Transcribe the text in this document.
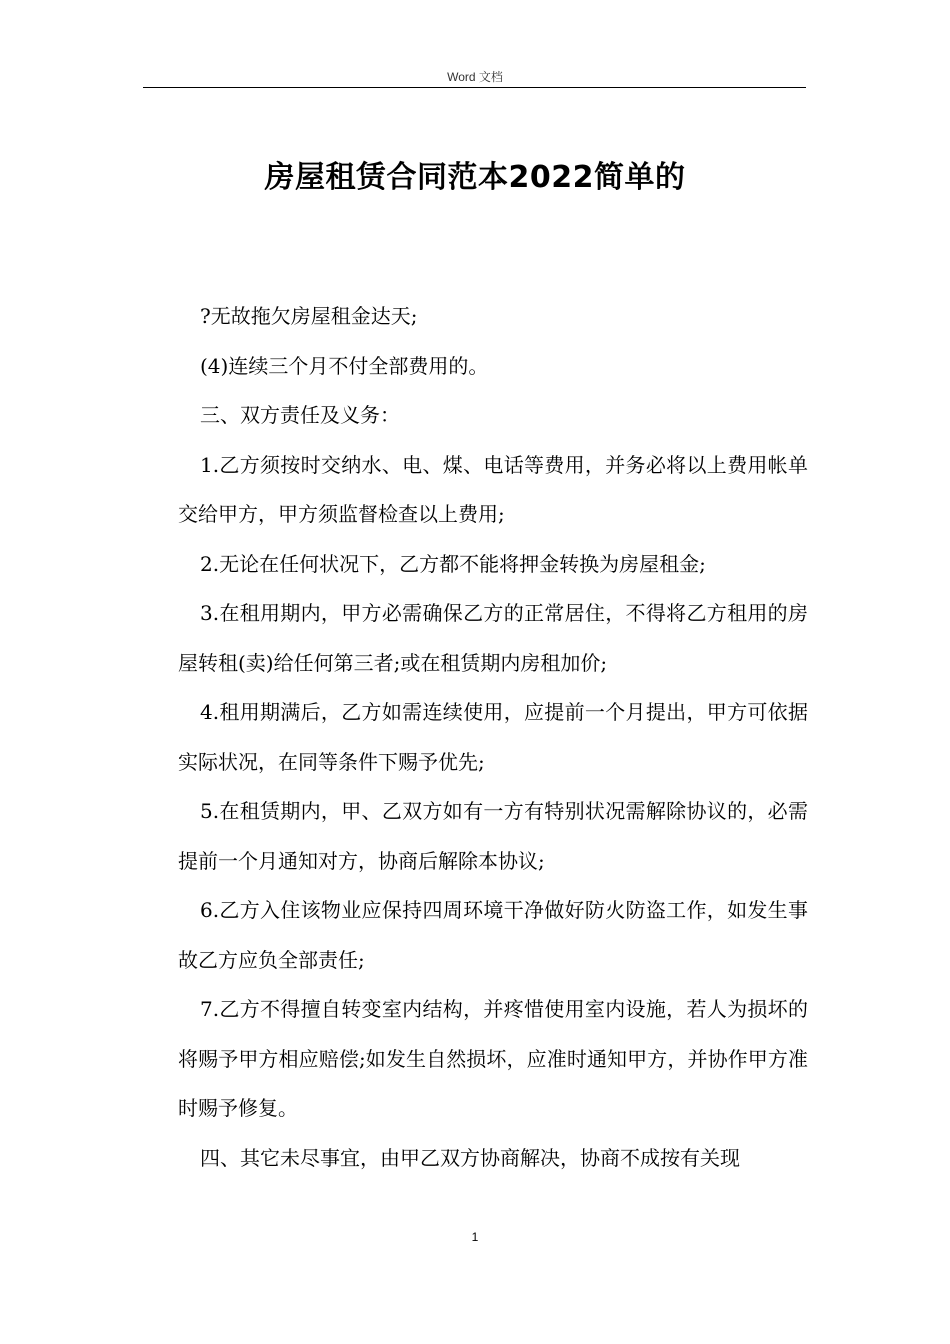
Word 文档
房屋租赁合同范本2022简单的

?无故拖欠房屋租金达天;

(4)连续三个月不付全部费用的。

三、双方责任及义务：

1.乙方须按时交纳水、电、煤、电话等费用，并务必将以上费用帐单交给甲方，甲方须监督检查以上费用;

2.无论在任何状况下，乙方都不能将押金转换为房屋租金;

3.在租用期内，甲方必需确保乙方的正常居住，不得将乙方租用的房屋转租(卖)给任何第三者;或在租赁期内房租加价;

4.租用期满后，乙方如需连续使用，应提前一个月提出，甲方可依据实际状况，在同等条件下赐予优先;

5.在租赁期内，甲、乙双方如有一方有特别状况需解除协议的，必需提前一个月通知对方，协商后解除本协议;

6.乙方入住该物业应保持四周环境干净做好防火防盗工作，如发生事故乙方应负全部责任;

7.乙方不得擅自转变室内结构，并疼惜使用室内设施，若人为损坏的将赐予甲方相应赔偿;如发生自然损坏，应准时通知甲方，并协作甲方准时赐予修复。

四、其它未尽事宜，由甲乙双方协商解决，协商不成按有关现

1
